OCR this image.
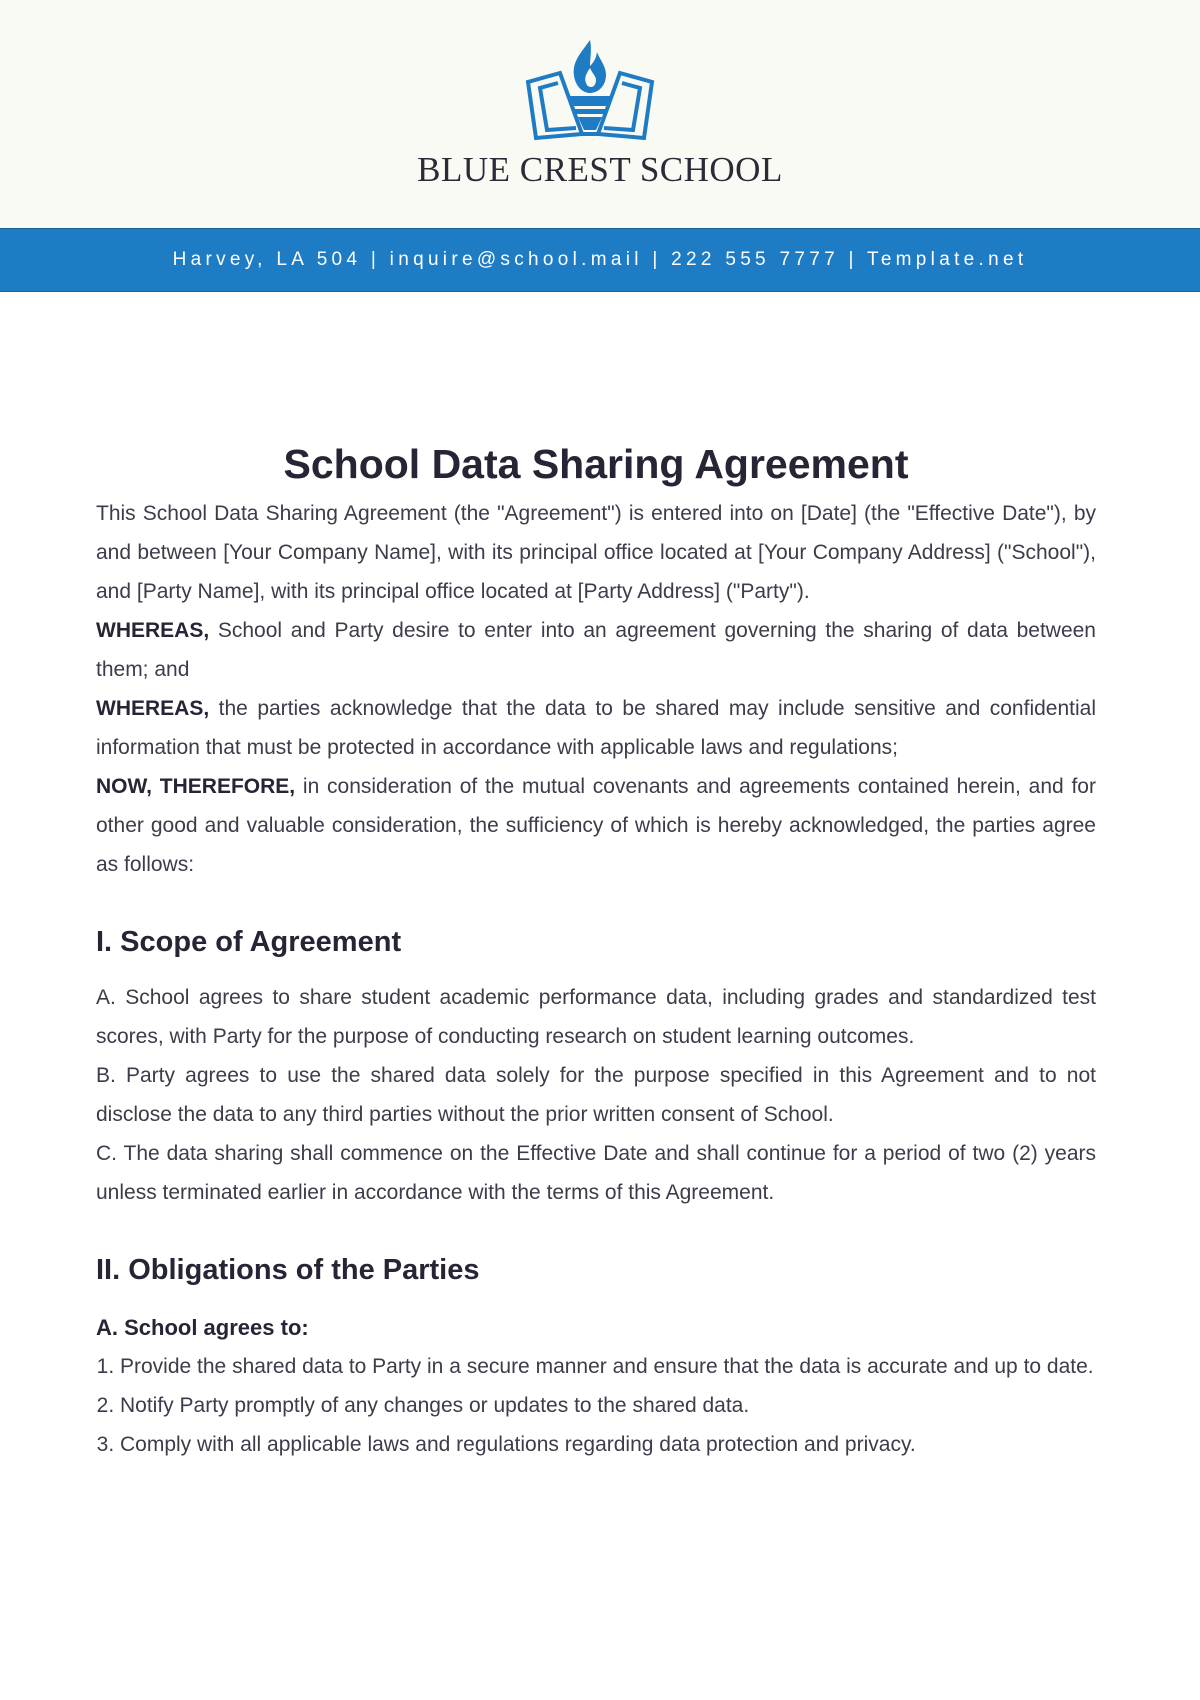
BLUE CREST SCHOOL
Harvey, LA 504 | inquire@school.mail | 222 555 7777 | Template.net
School Data Sharing Agreement

This School Data Sharing Agreement (the "Agreement") is entered into on [Date] (the "Effective Date"), by and between [Your Company Name], with its principal office located at [Your Company Address] ("School"), and [Party Name], with its principal office located at [Party Address] ("Party").

WHEREAS, School and Party desire to enter into an agreement governing the sharing of data between them; and

WHEREAS, the parties acknowledge that the data to be shared may include sensitive and confidential information that must be protected in accordance with applicable laws and regulations;

NOW, THEREFORE, in consideration of the mutual covenants and agreements contained herein, and for other good and valuable consideration, the sufficiency of which is hereby acknowledged, the parties agree as follows:

I. Scope of Agreement

A. School agrees to share student academic performance data, including grades and standardized test scores, with Party for the purpose of conducting research on student learning outcomes.

B. Party agrees to use the shared data solely for the purpose specified in this Agreement and to not disclose the data to any third parties without the prior written consent of School.

C. The data sharing shall commence on the Effective Date and shall continue for a period of two (2) years unless terminated earlier in accordance with the terms of this Agreement.

II. Obligations of the Parties
A. School agrees to:
1. Provide the shared data to Party in a secure manner and ensure that the data is accurate and up to date.
2. Notify Party promptly of any changes or updates to the shared data.
3. Comply with all applicable laws and regulations regarding data protection and privacy.
